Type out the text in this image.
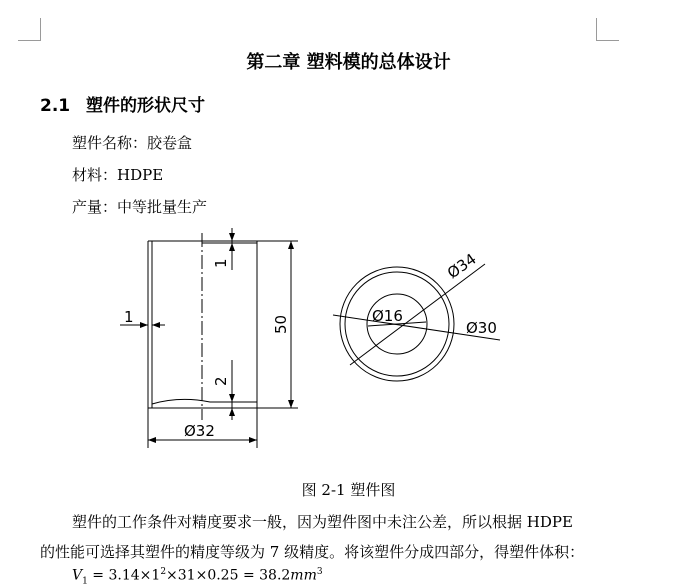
第二章 塑料模的总体设计
2.1 塑件的形状尺寸
塑件名称：胶卷盒
材料：HDPE
产量：中等批量生产
1
1
50
2
Ø32
Ø34
Ø16
Ø30
图 2-1 塑件图
塑件的工作条件对精度要求一般，因为塑件图中未注公差，所以根据 HDPE
的性能可选择其塑件的精度等级为 7 级精度。将该塑件分成四部分，得塑件体积：
$V_1 = 3.14\times 1^2\times 31\times 0.25 = 38.2mm^3$
